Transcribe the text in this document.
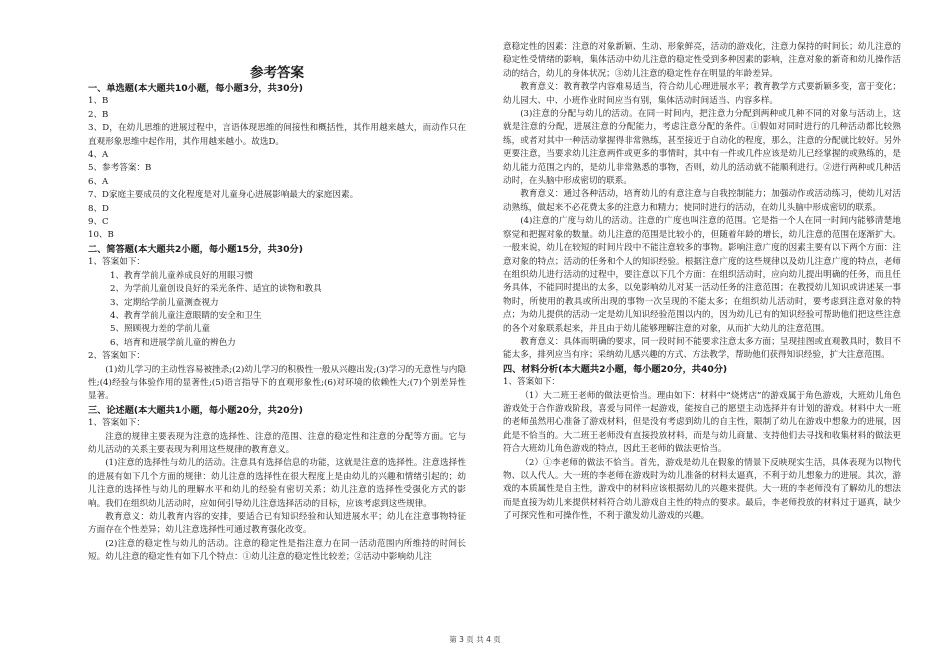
参考答案
一、单选题(本大题共10小题，每小题3分，共30分)

1、B

2、B

3、D，在幼儿思维的进展过程中，言语体现思维的间接性和概括性，其作用越来越大，而动作只在直观形象思维中起作用，其作用越来越小。故选D。

4、A

5、参考答案：B

6、A

7、D家庭主要成员的文化程度是对儿童身心进展影响最大的家庭因素。

8、D

9、C

10、B

二、简答题(本大题共2小题，每小题15分，共30分)

1、答案如下：

1、教育学前儿童养成良好的用眼习惯

2、为学前儿童创设良好的采光条件、适宜的读物和教具

3、定期给学前儿童测查视力

4、教育学前儿童注意眼睛的安全和卫生

5、照顾视力差的学前儿童

6、培育和进展学前儿童的辨色力

2、答案如下：

(1)幼儿学习的主动性容易被挫杀;(2)幼儿学习的积极性一般从兴趣出发;(3)学习的无意性与内隐性;(4)经验与体验作用的显著性;(5)语言指导下的直观形象性;(6)对环境的依赖性大;(7)个别差异性显著。

三、论述题(本大题共1小题，每小题20分，共20分)

1、答案如下：

注意的规律主要表现为注意的选择性、注意的范围、注意的稳定性和注意的分配等方面。它与幼儿活动的关系主要表现为利用这些规律的教育意义。

(1)注意的选择性与幼儿的活动。注意具有选择信息的功能，这就是注意的选择性。注意选择性的进展有如下几个方面的规律：幼儿注意的选择性在很大程度上是由幼儿的兴趣和情绪引起的；幼儿注意的选择性与幼儿的理解水平和幼儿的经验有密切关系；幼儿注意的选择性受强化方式的影响。我们在组织幼儿活动时，应如何引导幼儿注意选择活动的目标，应该考虑到这些规律。

教育意义：幼儿教育内容的安排，要适合已有知识经验和认知进展水平；幼儿在注意事物特征方面存在个性差异；幼儿注意选择性可通过教育强化改变。

(2)注意的稳定性与幼儿的活动。注意的稳定性是指注意力在同一活动范围内所维持的时间长短。幼儿注意的稳定性有如下几个特点：①幼儿注意的稳定性比较差；②活动中影响幼儿注

意稳定性的因素：注意的对象新颖、生动、形象鲜亮，活动的游戏化，注意力保持的时间长；幼儿注意的稳定性受情绪的影响，集体活动中幼儿注意的稳定性受到多种因素的影响，注意对象的新奇和幼儿操作活动的结合，幼儿的身体状况；③幼儿注意的稳定性存在明显的年龄差异。

教育意义：教育教学内容难易适当，符合幼儿心理进展水平；教育教学方式要新颖多变，富于变化；幼儿园大、中、小班作业时间应当有别，集体活动时间适当、内容多样。

(3)注意的分配与幼儿的活动。在同一时间内，把注意力分配到两种或几种不同的对象与活动上，这就是注意的分配，进展注意的分配能力，考虑注意分配的条件。①假如对同时进行的几种活动都比较熟练，或者对其中一种活动掌握得非常熟练，甚至接近于自动化的程度，那么，注意的分配就比较好。另外更要注意，当要求幼儿注意两件或更多的事情时，其中有一件或几件应该是幼儿已经掌握的或熟练的，是幼儿能力范围之内的，是幼儿非常熟悉的事物，否则，幼儿的活动就不能顺利进行。②进行两种或几种活动时，在头脑中形成密切的联系。

教育意义：通过各种活动，培育幼儿的有意注意与自我控制能力；加强动作或活动练习，使幼儿对活动熟练，做起来不必花费太多的注意力和精力；使同时进行的活动，在幼儿头脑中形成密切的联系。

(4)注意的广度与幼儿的活动。注意的广度也叫注意的范围。它是指一个人在同一时间内能够清楚地察觉和把握对象的数量。幼儿注意的范围是比较小的，但随着年龄的增长，幼儿注意的范围在逐渐扩大。一般来说，幼儿在较短的时间片段中不能注意较多的事物。影响注意广度的因素主要有以下两个方面：注意对象的特点；活动的任务和个人的知识经验。根据注意广度的这些规律以及幼儿注意广度的特点，老师在组织幼儿进行活动的过程中，要注意以下几个方面：在组织活动时，应向幼儿提出明确的任务，而且任务具体，不能同时提出的太多，以免影响幼儿对某一活动任务的注意范围；在教授幼儿知识或讲述某一事物时，所使用的教具或所出现的事物一次呈现的不能太多；在组织幼儿活动时，要考虑到注意对象的特点；为幼儿提供的活动一定是幼儿知识经验范围以内的，因为幼儿已有的知识经验可帮助他们把这些注意的各个对象联系起来，并且由于幼儿能够理解注意的对象，从而扩大幼儿的注意范围。

教育意义：具体而明确的要求，同一段时间不能要求注意太多方面；呈现挂图或直观教具时，数目不能太多，排列应当有序；采纳幼儿感兴趣的方式、方法教学，帮助他们获得知识经验，扩大注意范围。

四、材料分析(本大题共2小题，每小题20分，共40分)

1、答案如下：

（1）大二班王老师的做法更恰当。理由如下：材料中“烧烤店”的游戏属于角色游戏，大班幼儿角色游戏处于合作游戏阶段，喜爱与同伴一起游戏，能按自己的愿望主动选择并有计划的游戏。材料中大一班的老师虽然用心准备了游戏材料，但是没有考虑到幼儿的自主性，限制了幼儿在游戏中想象力的进展，因此是不恰当的。大二班王老师没有直接投放材料，而是与幼儿商量、支持他们去寻找和收集材料的做法更符合大班幼儿角色游戏的特点，因此王老师的做法更恰当。

（2）①李老师的做法不恰当。首先，游戏是幼儿在假象的情景下反映现实生活，具体表现为以物代物、以人代人。大一班的李老师在游戏时为幼儿准备的材料太逼真，不利于幼儿想象力的进展。其次，游戏的本质属性是自主性，游戏中的材料应该根据幼儿的兴趣来提供。大一班的李老师没有了解幼儿的想法而是直接为幼儿来提供材料符合幼儿游戏自主性的特点的要求。最后，李老师投放的材料过于逼真，缺少了可探究性和可操作性，不利于激发幼儿游戏的兴趣。

第 3 页 共 4 页
